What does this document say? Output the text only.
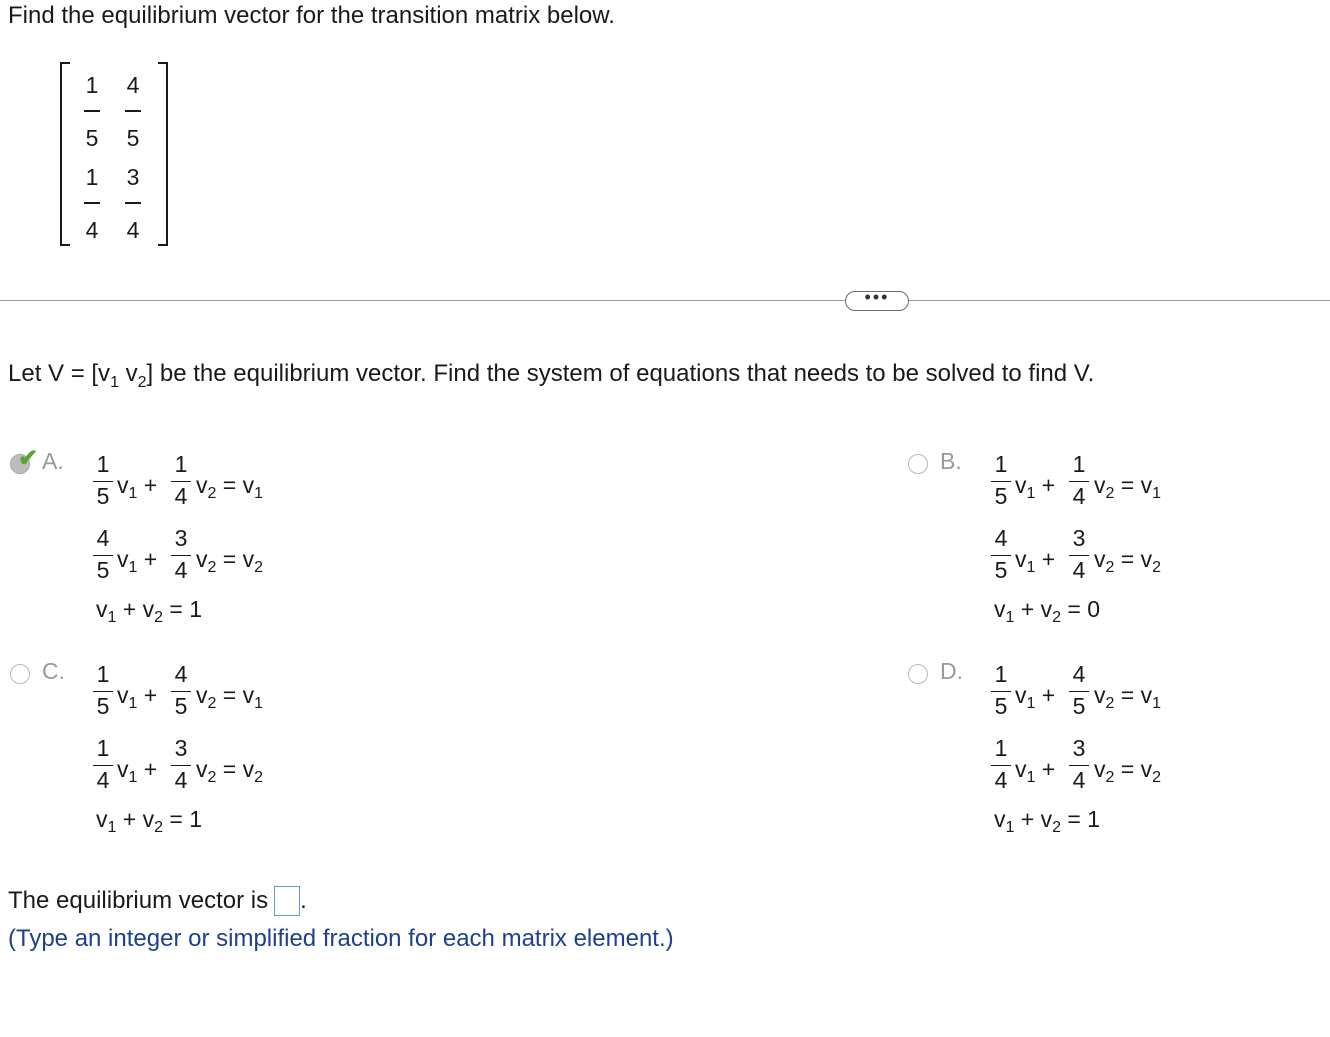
Find the equilibrium vector for the transition matrix below.
1
5
4
5
1
4
3
4
•••
Let $V = [v_1$ $v_2$] be the equilibrium vector. Find the system of equations that needs to be solved to find V.
✔ A. 1
5 $v_1$ +
1
4 $v_2 = v_1$
4
5 $v_1$ +
3
4 $v_2 = v_2$
$v_1 + v_2 = 1$
B. 1
5 $v_1$ +
1
4 $v_2 = v_1$
4
5 $v_1$ +
3
4 $v_2 = v_2$
$v_1 + v_2 = 0$
C. 1
5 $v_1$ +
4
5 $v_2 = v_1$
1
4 $v_1$ +
3
4 $v_2 = v_2$
$v_1 + v_2 = 1$
D. 1
5 $v_1$ +
4
5 $v_2 = v_1$
1
4 $v_1$ +
3
4 $v_2 = v_2$
$v_1 + v_2 = 1$
The equilibrium vector is .
(Type an integer or simplified fraction for each matrix element.)
